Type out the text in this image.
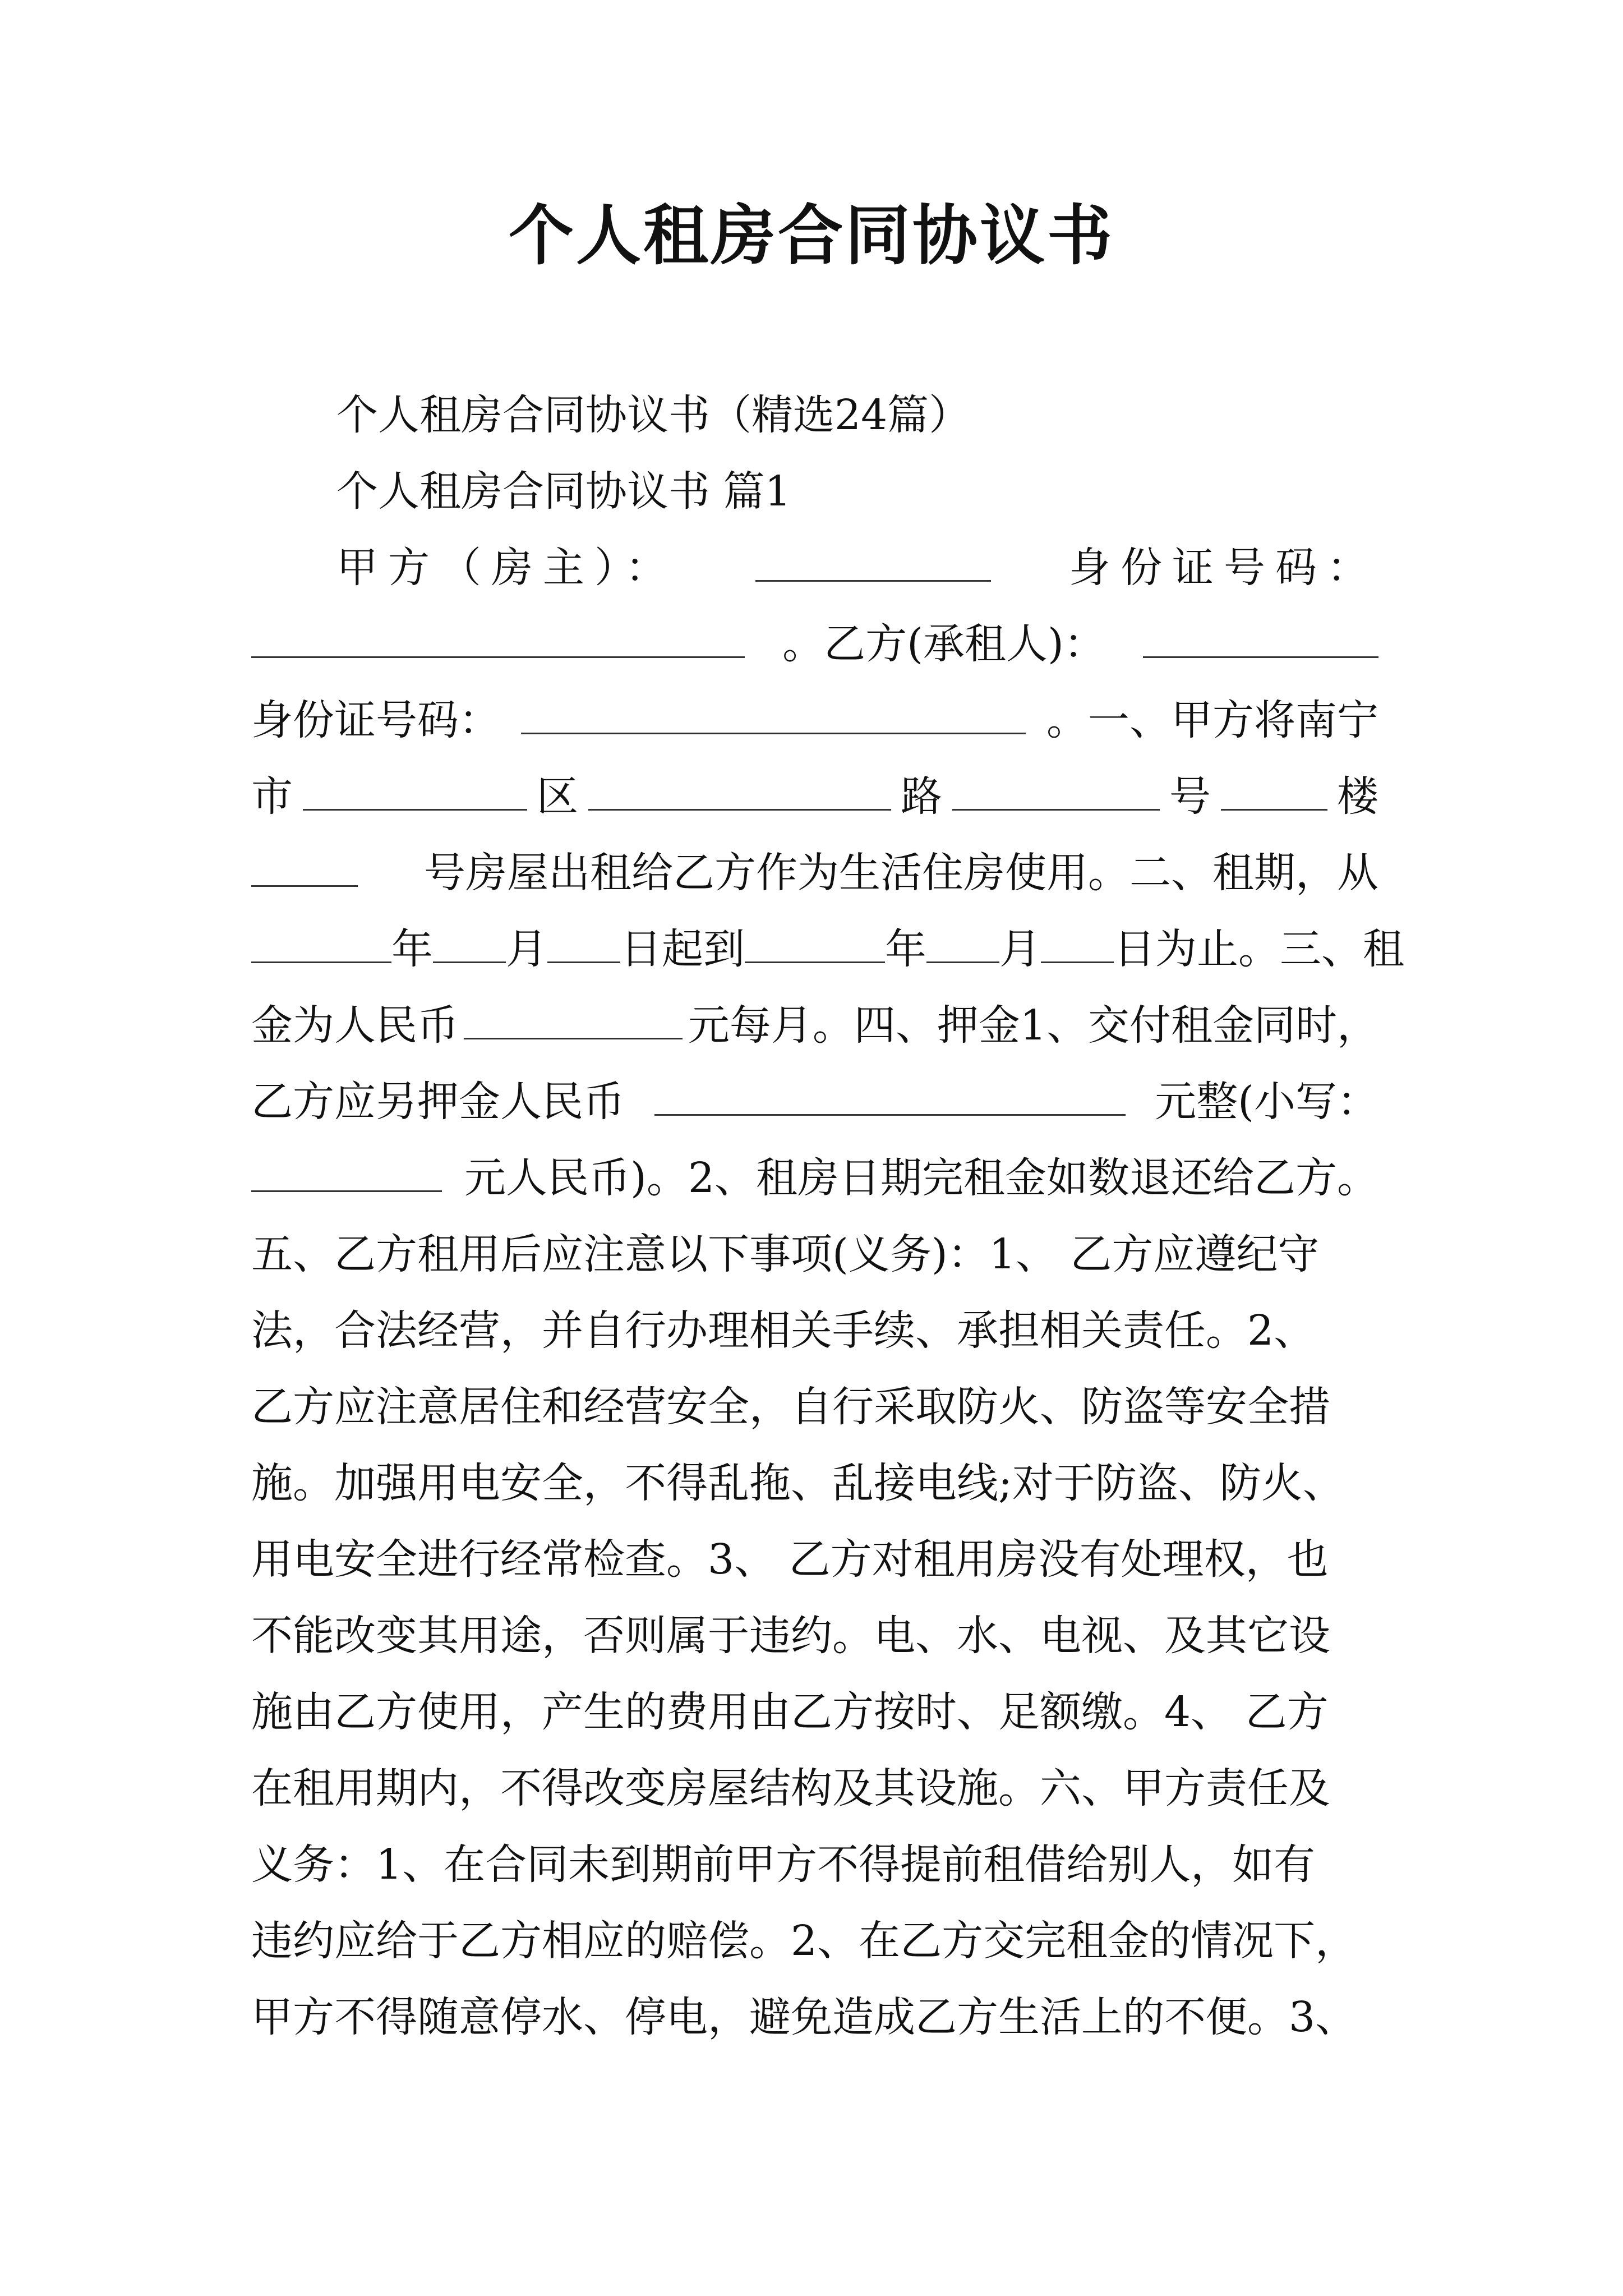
个人租房合同协议书
个人租房合同协议书（精选24篇）
个人租房合同协议书 篇1
甲方（房主）：	身份证号码：
。乙方(承租人)：
身份证号码：	。一、甲方将南宁
市	区	路	号	楼
号房屋出租给乙方作为生活住房使用。二、租期，从
年 月 日起到	年 月 日为止。三、租
金为人民币	元每月。四、押金1、交付租金同时，
乙方应另押金人民币	元整(小写：
元人民币)。2、租房日期完租金如数退还给乙方。
五、乙方租用后应注意以下事项(义务)：1、 乙方应遵纪守
法，合法经营，并自行办理相关手续、承担相关责任。2、
乙方应注意居住和经营安全，自行采取防火、防盗等安全措
施。加强用电安全，不得乱拖、乱接电线;对于防盗、防火、
用电安全进行经常检查。3、 乙方对租用房没有处理权，也
不能改变其用途，否则属于违约。电、水、电视、及其它设
施由乙方使用，产生的费用由乙方按时、足额缴。4、 乙方
在租用期内，不得改变房屋结构及其设施。六、甲方责任及
义务：1、在合同未到期前甲方不得提前租借给别人，如有
违约应给于乙方相应的赔偿。2、在乙方交完租金的情况下，
甲方不得随意停水、停电，避免造成乙方生活上的不便。3、
